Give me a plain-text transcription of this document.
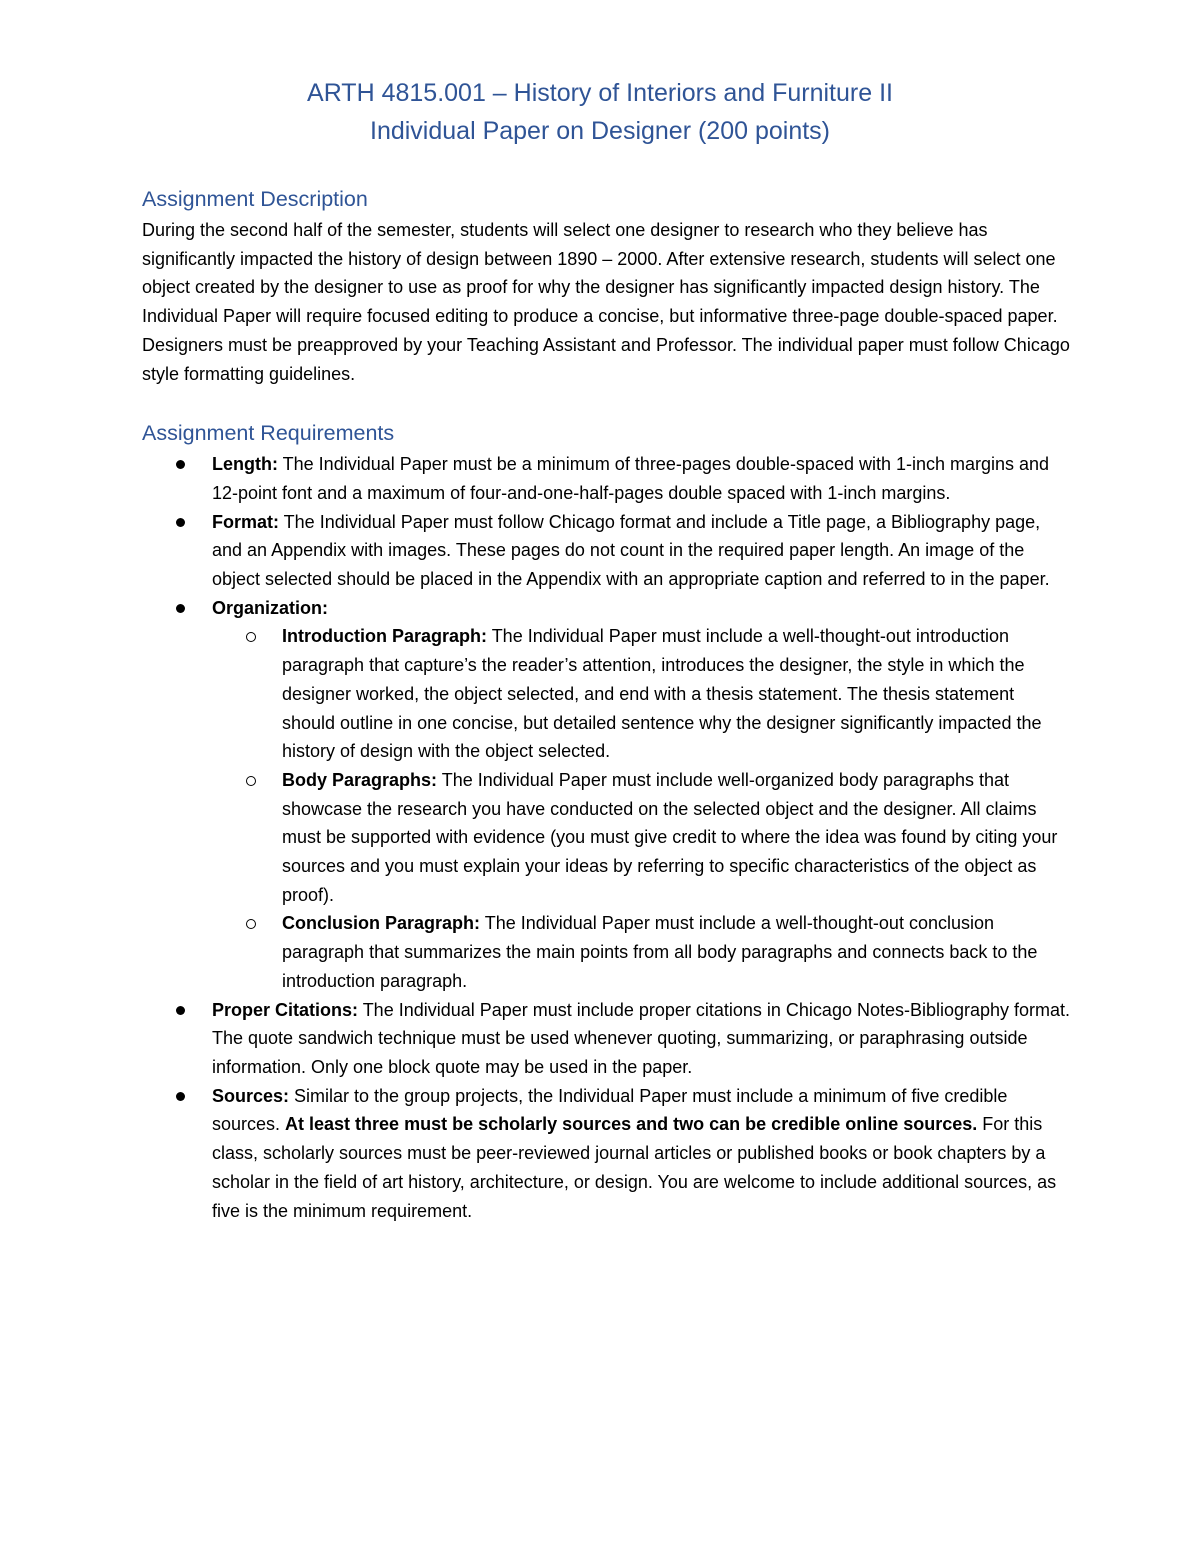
ARTH 4815.001 – History of Interiors and Furniture II
Individual Paper on Designer (200 points)
Assignment Description

During the second half of the semester, students will select one designer to research who they believe has significantly impacted the history of design between 1890 – 2000. After extensive research, students will select one object created by the designer to use as proof for why the designer has significantly impacted design history. The Individual Paper will require focused editing to produce a concise, but informative three-page double-spaced paper. Designers must be preapproved by your Teaching Assistant and Professor. The individual paper must follow Chicago style formatting guidelines.

Assignment Requirements
Length: The Individual Paper must be a minimum of three-pages double-spaced with 1-inch margins and 12-point font and a maximum of four-and-one-half-pages double spaced with 1-inch margins.
Format: The Individual Paper must follow Chicago format and include a Title page, a Bibliography page, and an Appendix with images. These pages do not count in the required paper length. An image of the object selected should be placed in the Appendix with an appropriate caption and referred to in the paper.
Organization:
Introduction Paragraph: The Individual Paper must include a well-thought-out introduction paragraph that capture’s the reader’s attention, introduces the designer, the style in which the designer worked, the object selected, and end with a thesis statement. The thesis statement should outline in one concise, but detailed sentence why the designer significantly impacted the history of design with the object selected.
Body Paragraphs: The Individual Paper must include well-organized body paragraphs that showcase the research you have conducted on the selected object and the designer. All claims must be supported with evidence (you must give credit to where the idea was found by citing your sources and you must explain your ideas by referring to specific characteristics of the object as proof).
Conclusion Paragraph: The Individual Paper must include a well-thought-out conclusion paragraph that summarizes the main points from all body paragraphs and connects back to the introduction paragraph.
Proper Citations: The Individual Paper must include proper citations in Chicago Notes-Bibliography format. The quote sandwich technique must be used whenever quoting, summarizing, or paraphrasing outside information. Only one block quote may be used in the paper.
Sources: Similar to the group projects, the Individual Paper must include a minimum of five credible sources. At least three must be scholarly sources and two can be credible online sources. For this class, scholarly sources must be peer-reviewed journal articles or published books or book chapters by a scholar in the field of art history, architecture, or design. You are welcome to include additional sources, as five is the minimum requirement.
